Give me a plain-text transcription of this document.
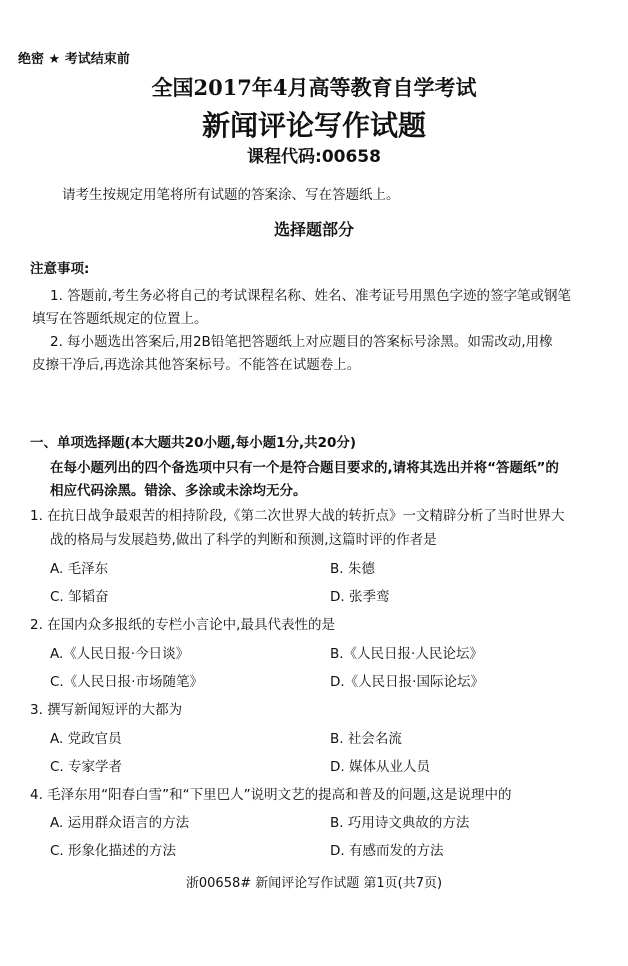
绝密 ★ 考试结束前
全国2017年4月高等教育自学考试
新闻评论写作试题
课程代码:00658
请考生按规定用笔将所有试题的答案涂、写在答题纸上。
选择题部分
注意事项:
1. 答题前,考生务必将自己的考试课程名称、姓名、准考证号用黑色字迹的签字笔或钢笔
填写在答题纸规定的位置上。
2. 每小题选出答案后,用2B铅笔把答题纸上对应题目的答案标号涂黑。如需改动,用橡
皮擦干净后,再选涂其他答案标号。不能答在试题卷上。
一、单项选择题(本大题共20小题,每小题1分,共20分)
在每小题列出的四个备选项中只有一个是符合题目要求的,请将其选出并将“答题纸”的
相应代码涂黑。错涂、多涂或未涂均无分。
1. 在抗日战争最艰苦的相持阶段,《第二次世界大战的转折点》一文精辟分析了当时世界大
战的格局与发展趋势,做出了科学的判断和预测,这篇时评的作者是
A. 毛泽东	B. 朱德
C. 邹韬奋	D. 张季鸾
2. 在国内众多报纸的专栏小言论中,最具代表性的是
A.《人民日报·今日谈》	B.《人民日报·人民论坛》
C.《人民日报·市场随笔》	D.《人民日报·国际论坛》
3. 撰写新闻短评的大都为
A. 党政官员	B. 社会名流
C. 专家学者	D. 媒体从业人员
4. 毛泽东用“阳春白雪”和“下里巴人”说明文艺的提高和普及的问题,这是说理中的
A. 运用群众语言的方法	B. 巧用诗文典故的方法
C. 形象化描述的方法	D. 有感而发的方法
浙00658# 新闻评论写作试题 第1页(共7页)
